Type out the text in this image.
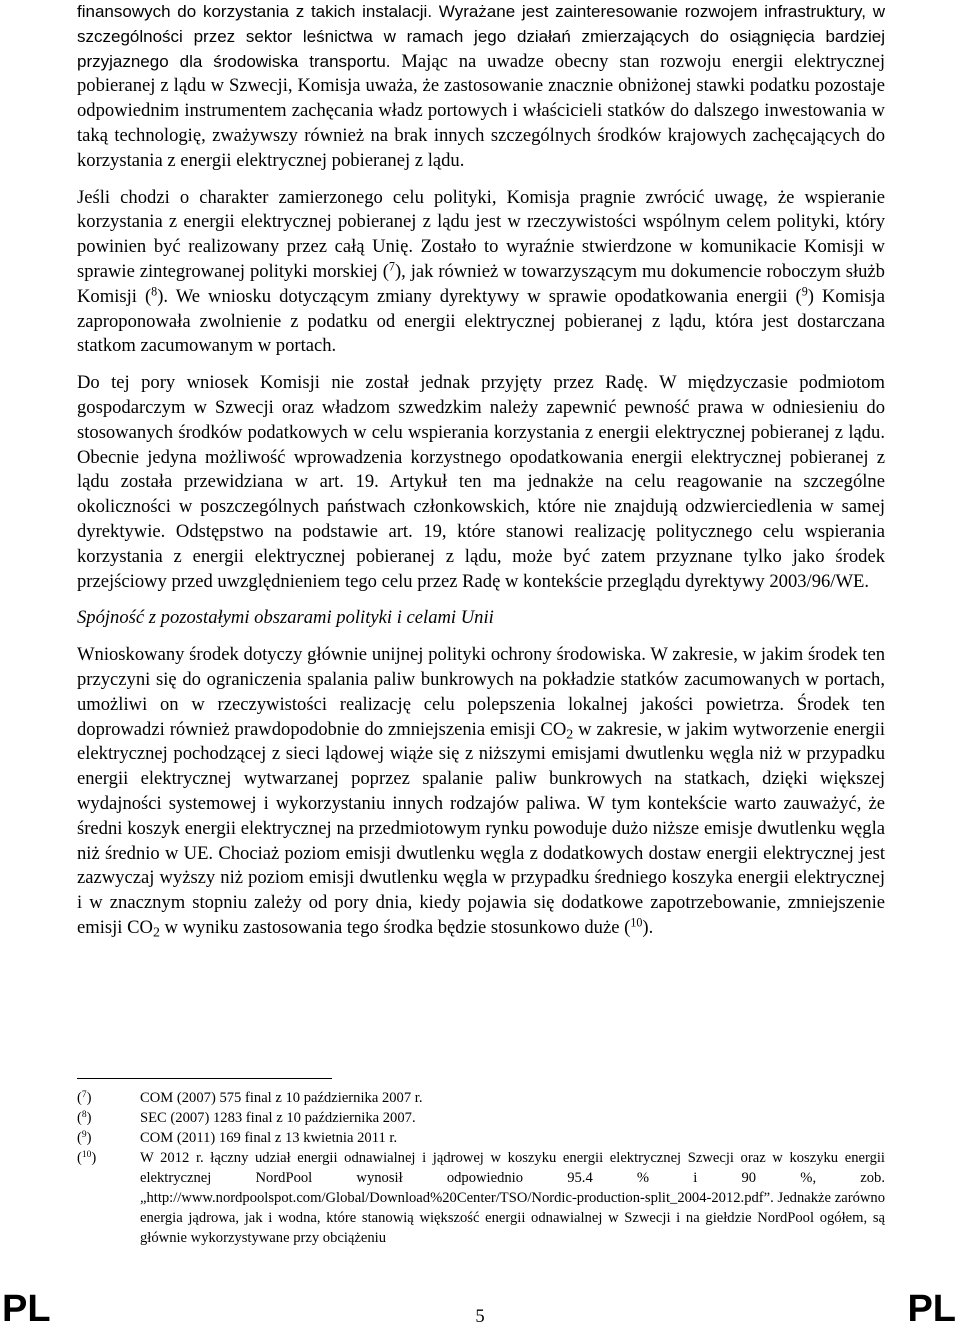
finansowych do korzystania z takich instalacji. Wyrażane jest zainteresowanie rozwojem infrastruktury, w szczególności przez sektor leśnictwa w ramach jego działań zmierzających do osiągnięcia bardziej przyjaznego dla środowiska transportu. Mając na uwadze obecny stan rozwoju energii elektrycznej pobieranej z lądu w Szwecji, Komisja uważa, że zastosowanie znacznie obniżonej stawki podatku pozostaje odpowiednim instrumentem zachęcania władz portowych i właścicieli statków do dalszego inwestowania w taką technologię, zważywszy również na brak innych szczególnych środków krajowych zachęcających do korzystania z energii elektrycznej pobieranej z lądu.

Jeśli chodzi o charakter zamierzonego celu polityki, Komisja pragnie zwrócić uwagę, że wspieranie korzystania z energii elektrycznej pobieranej z lądu jest w rzeczywistości wspólnym celem polityki, który powinien być realizowany przez całą Unię. Zostało to wyraźnie stwierdzone w komunikacie Komisji w sprawie zintegrowanej polityki morskiej ($^7$), jak również w towarzyszącym mu dokumencie roboczym służb Komisji ($^8$). We wniosku dotyczącym zmiany dyrektywy w sprawie opodatkowania energii ($^9$) Komisja zaproponowała zwolnienie z podatku od energii elektrycznej pobieranej z lądu, która jest dostarczana statkom zacumowanym w portach.

Do tej pory wniosek Komisji nie został jednak przyjęty przez Radę. W międzyczasie podmiotom gospodarczym w Szwecji oraz władzom szwedzkim należy zapewnić pewność prawa w odniesieniu do stosowanych środków podatkowych w celu wspierania korzystania z energii elektrycznej pobieranej z lądu. Obecnie jedyna możliwość wprowadzenia korzystnego opodatkowania energii elektrycznej pobieranej z lądu została przewidziana w art. 19. Artykuł ten ma jednakże na celu reagowanie na szczególne okoliczności w poszczególnych państwach członkowskich, które nie znajdują odzwierciedlenia w samej dyrektywie. Odstępstwo na podstawie art. 19, które stanowi realizację politycznego celu wspierania korzystania z energii elektrycznej pobieranej z lądu, może być zatem przyznane tylko jako środek przejściowy przed uwzględnieniem tego celu przez Radę w kontekście przeglądu dyrektywy 2003/96/WE.

Spójność z pozostałymi obszarami polityki i celami Unii

Wnioskowany środek dotyczy głównie unijnej polityki ochrony środowiska. W zakresie, w jakim środek ten przyczyni się do ograniczenia spalania paliw bunkrowych na pokładzie statków zacumowanych w portach, umożliwi on w rzeczywistości realizację celu polepszenia lokalnej jakości powietrza. Środek ten doprowadzi również prawdopodobnie do zmniejszenia emisji $CO_2$ w zakresie, w jakim wytworzenie energii elektrycznej pochodzącej z sieci lądowej wiąże się z niższymi emisjami dwutlenku węgla niż w przypadku energii elektrycznej wytwarzanej poprzez spalanie paliw bunkrowych na statkach, dzięki większej wydajności systemowej i wykorzystaniu innych rodzajów paliwa. W tym kontekście warto zauważyć, że średni koszyk energii elektrycznej na przedmiotowym rynku powoduje dużo niższe emisje dwutlenku węgla niż średnio w UE. Chociaż poziom emisji dwutlenku węgla z dodatkowych dostaw energii elektrycznej jest zazwyczaj wyższy niż poziom emisji dwutlenku węgla w przypadku średniego koszyka energii elektrycznej i w znacznym stopniu zależy od pory dnia, kiedy pojawia się dodatkowe zapotrzebowanie, zmniejszenie emisji $CO_2$ w wyniku zastosowania tego środka będzie stosunkowo duże ($^{10}$).

($^7$)	COM (2007) 575 final z 10 października 2007 r.
($^8$)	SEC (2007) 1283 final z 10 października 2007.
($^9$)	COM (2011) 169 final z 13 kwietnia 2011 r.
($^{10}$)	W 2012 r. łączny udział energii odnawialnej i jądrowej w koszyku energii elektrycznej Szwecji oraz w koszyku energii elektrycznej NordPool wynosił odpowiednio 95.4 % i 90 %, zob. „http://www.nordpoolspot.com/Global/Download%20Center/TSO/Nordic-production-split_2004-2012.pdf”. Jednakże zarówno energia jądrowa, jak i wodna, które stanowią większość energii odnawialnej w Szwecji i na giełdzie NordPool ogółem, są głównie wykorzystywane przy obciążeniu
PL	5	PL
